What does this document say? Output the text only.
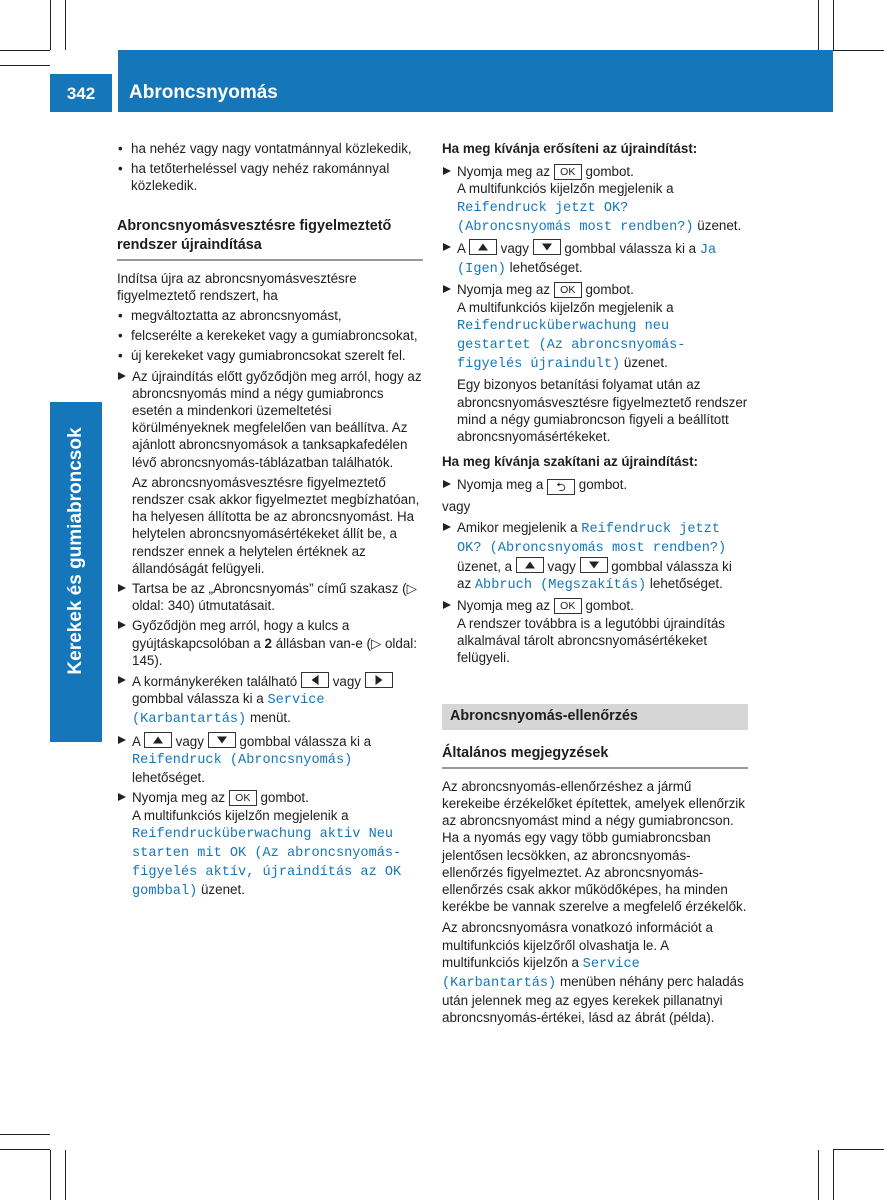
342	Abroncsnyomás
Kerekek és gumiabroncsok
• ha nehéz vagy nagy vontatmánnyal közlekedik,
• ha tetőterheléssel vagy nehéz rakománnyal közlekedik.
Abroncsnyomásvesztésre figyelmeztető rendszer újraindítása
Indítsa újra az abroncsnyomásvesztésre figyelmeztető rendszert, ha
• megváltoztatta az abroncsnyomást,
• felcserélte a kerekeket vagy a gumiabroncsokat,
• új kerekeket vagy gumiabroncsokat szerelt fel.
Az újraindítás előtt győződjön meg arról, hogy az abroncsnyomás mind a négy gumiabroncs esetén a mindenkori üzemeltetési körülményeknek megfelelően van beállítva. Az ajánlott abroncsnyomások a tanksapkafedélen lévő abroncsnyomás-táblázatban találhatók.
Az abroncsnyomásvesztésre figyelmeztető rendszer csak akkor figyelmeztet megbízhatóan, ha helyesen állította be az abroncsnyomást. Ha helytelen abroncsnyomásértékeket állít be, a rendszer ennek a helytelen értéknek az állandóságát felügyeli.
Tartsa be az „Abroncsnyomás” című szakasz (▷ oldal: 340) útmutatásait.
Győződjön meg arról, hogy a kulcs a gyújtáskapcsolóban a 2 állásban van-e (▷ oldal: 145).
A kormánykeréken található
vagy
gombbal válassza ki a Service (Karbantartás) menüt.
A
vagy
gombbal válassza ki a Reifendruck (Abroncsnyomás) lehetőséget.
Nyomja meg az OK gombot.
A multifunkciós kijelzőn megjelenik a Reifendrucküberwachung aktiv Neu starten mit OK (Az abroncsnyomás-figyelés aktív, újraindítás az OK gombbal) üzenet.
Ha meg kívánja erősíteni az újraindítást:
Nyomja meg az OK gombot.
A multifunkciós kijelzőn megjelenik a Reifendruck jetzt OK? (Abroncsnyomás most rendben?) üzenet.
A
vagy
gombbal válassza ki a Ja (Igen) lehetőséget.
Nyomja meg az OK gombot.
A multifunkciós kijelzőn megjelenik a Reifendrucküberwachung neu gestartet (Az abroncsnyomás-figyelés újraindult) üzenet.
Egy bizonyos betanítási folyamat után az abroncsnyomásvesztésre figyelmeztető rendszer mind a négy gumiabroncson figyeli a beállított abroncsnyomásértékeket.
Ha meg kívánja szakítani az újraindítást:
Nyomja meg a ⮌ gombot.
vagy
Amikor megjelenik a Reifendruck jetzt OK? (Abroncsnyomás most rendben?) üzenet, a
vagy
gombbal válassza ki az Abbruch (Megszakítás) lehetőséget.
Nyomja meg az OK gombot.
A rendszer továbbra is a legutóbbi újraindítás alkalmával tárolt abroncsnyomásértékeket felügyeli.
Abroncsnyomás-ellenőrzés
Általános megjegyzések
Az abroncsnyomás-ellenőrzéshez a jármű kerekeibe érzékelőket építettek, amelyek ellenőrzik az abroncsnyomást mind a négy gumiabroncson. Ha a nyomás egy vagy több gumiabroncsban jelentősen lecsökken, az abroncsnyomás-ellenőrzés figyelmeztet. Az abroncsnyomás-ellenőrzés csak akkor működőképes, ha minden kerékbe be vannak szerelve a megfelelő érzékelők.
Az abroncsnyomásra vonatkozó információt a multifunkciós kijelzőről olvashatja le. A multifunkciós kijelzőn a Service (Karbantartás) menüben néhány perc haladás után jelennek meg az egyes kerekek pillanatnyi abroncsnyomás-értékei, lásd az ábrát (példa).
